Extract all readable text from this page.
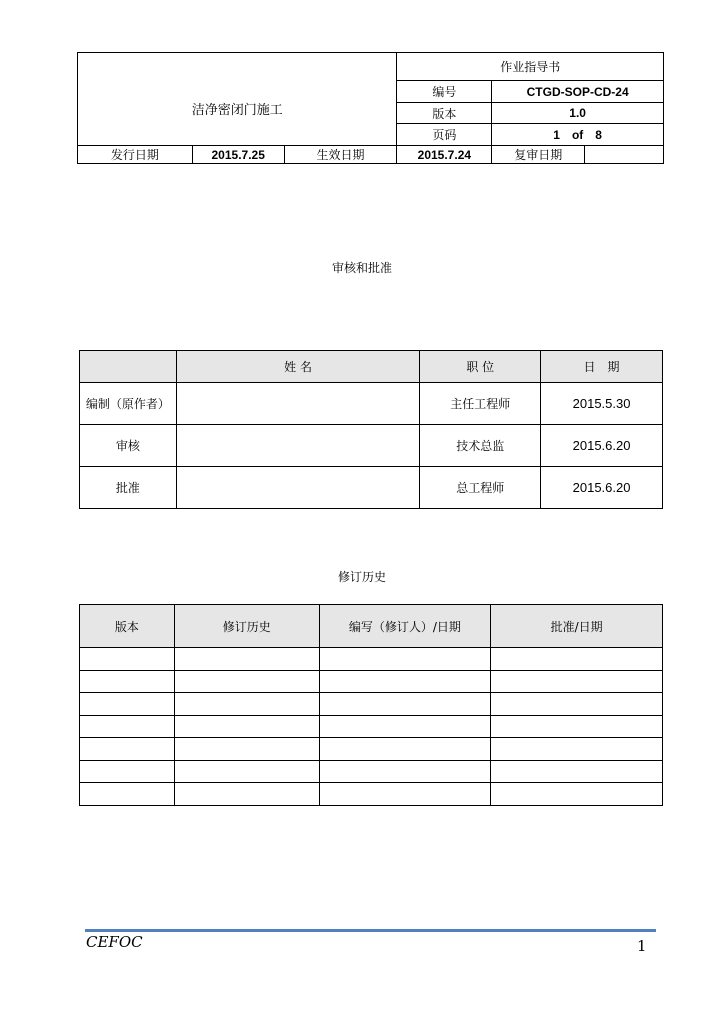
洁净密闭门施工			作业指导书		
			编号	CTGD-SOP-CD-24	
			版本	1.0	
			页码	1　of　8	
发行日期	2015.7.25	生效日期	2015.7.24	复审日期	
审核和批准
	姓 名	职 位	日　期
编制（原作者）		主任工程师	2015.5.30
审核		技术总监	2015.6.20
批准		总工程师	2015.6.20
修订历史
版本	修订历史	编写（修订人）/日期	批准/日期

CEFOC	1
